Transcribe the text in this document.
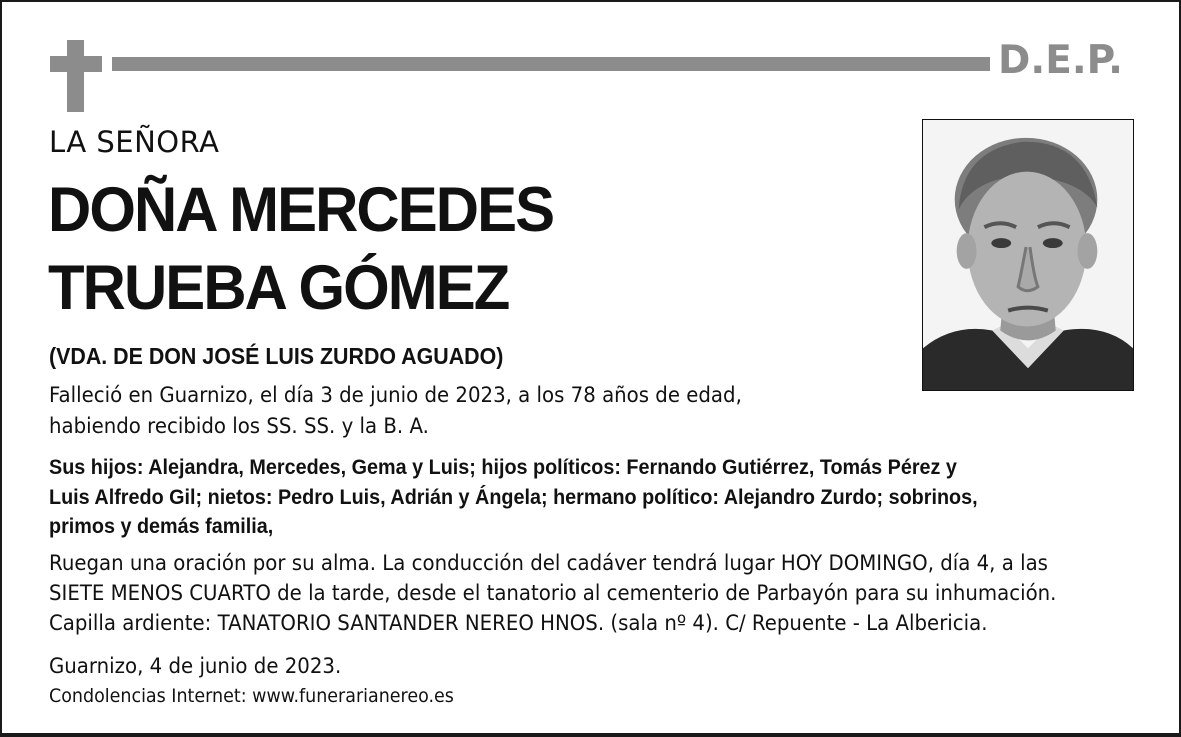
D.E.P.
LA SEÑORA
DOÑA MERCEDES
TRUEBA GÓMEZ
(VDA. DE DON JOSÉ LUIS ZURDO AGUADO)
Falleció en Guarnizo, el día 3 de junio de 2023, a los 78 años de edad,
habiendo recibido los SS. SS. y la B. A.
Sus hijos: Alejandra, Mercedes, Gema y Luis; hijos políticos: Fernando Gutiérrez, Tomás Pérez y
Luis Alfredo Gil; nietos: Pedro Luis, Adrián y Ángela; hermano político: Alejandro Zurdo; sobrinos,
primos y demás familia,
Ruegan una oración por su alma. La conducción del cadáver tendrá lugar HOY DOMINGO, día 4, a las
SIETE MENOS CUARTO de la tarde, desde el tanatorio al cementerio de Parbayón para su inhumación.
Capilla ardiente: TANATORIO SANTANDER NEREO HNOS. (sala nº 4). C/ Repuente - La Albericia.
Guarnizo, 4 de junio de 2023.
Condolencias Internet: www.funerarianereo.es
